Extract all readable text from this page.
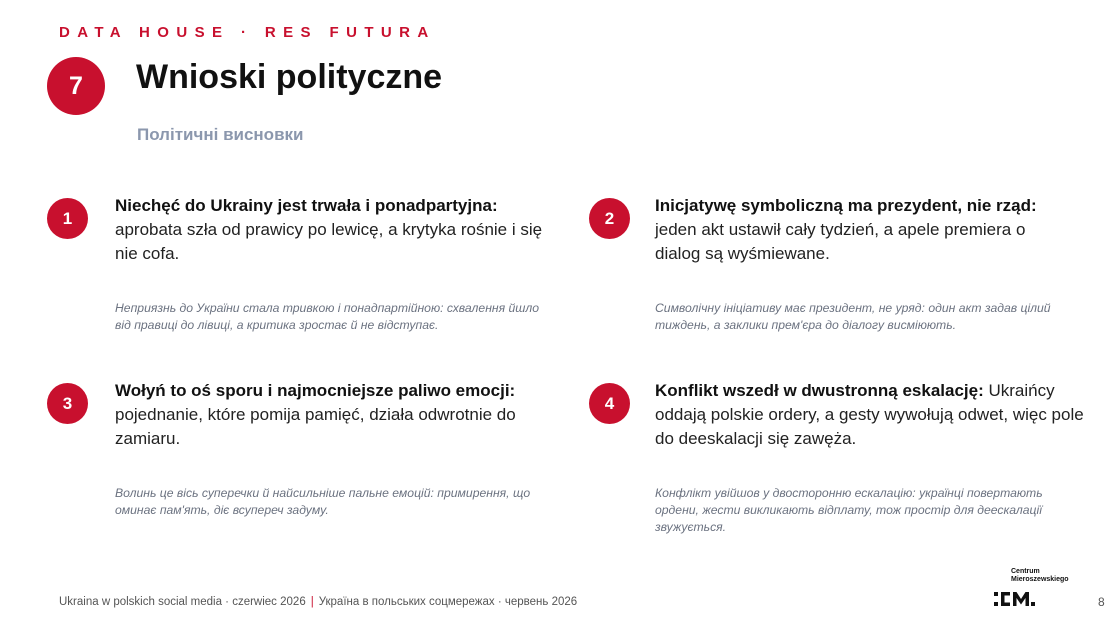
DATA HOUSE · RES FUTURA
7	Wnioski polityczne
Політичні висновки
1

Niechęć do Ukrainy jest trwała i ponadpartyjna: aprobata szła od prawicy po lewicę, a krytyka rośnie i się nie cofa.

Неприязнь до України стала тривкою і понадпартійною: схвалення йшло від правиці до лівиці, а критика зростає й не відступає.

2

Inicjatywę symboliczną ma prezydent, nie rząd: jeden akt ustawił cały tydzień, a apele premiera o dialog są wyśmiewane.

Символічну ініціативу має президент, не уряд: один акт задав цілий тиждень, а заклики прем'єра до діалогу висміюють.

3

Wołyń to oś sporu i najmocniejsze paliwo emocji: pojednanie, które pomija pamięć, działa odwrotnie do zamiaru.

Волинь це вісь суперечки й найсильніше пальне емоцій: примирення, що оминає пам'ять, діє всупереч задуму.

4

Konflikt wszedł w dwustronną eskalację: Ukraińcy oddają polskie ordery, a gesty wywołują odwet, więc pole do deeskalacji się zawęża.

Конфлікт увійшов у двосторонню ескалацію: українці повертають ордени, жести викликають відплату, тож простір для деескалації звужується.

Ukraina w polskich social media · czerwiec 2026 | Україна в польських соцмережах · червень 2026
Centrum Mieroszewskiego
8
